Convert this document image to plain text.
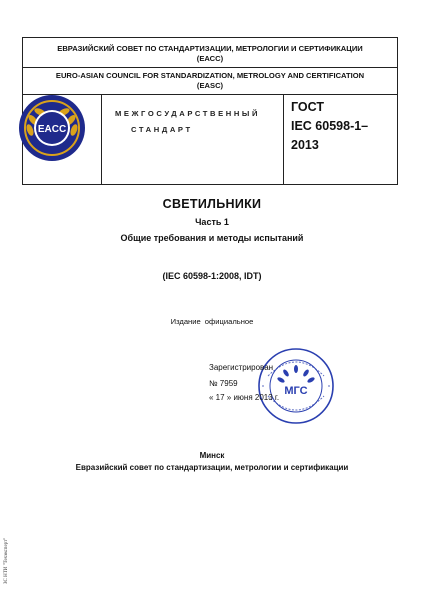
ЕВРАЗИЙСКИЙ СОВЕТ ПО СТАНДАРТИЗАЦИИ, МЕТРОЛОГИИ И СЕРТИФИКАЦИИ
(ЕАСС)
EURO-ASIAN COUNCIL FOR STANDARDIZATION, METROLOGY AND CERTIFICATION
(EASC)
EACC
МЕЖГОСУДАРСТВЕННЫЙ
СТАНДАРТ
ГОСТ
IEC 60598-1–
2013
СВЕТИЛЬНИКИ
Часть 1
Общие требования и методы испытаний
(IEC 60598-1:2008, IDT)
Издание официальное
МГС
Зарегистрирован
№ 7959
« 17 » июня 2013 г.
Минск
Евразийский совет по стандартизации, метрологии и сертификации
ЗС НТИ "Техэксперт"
